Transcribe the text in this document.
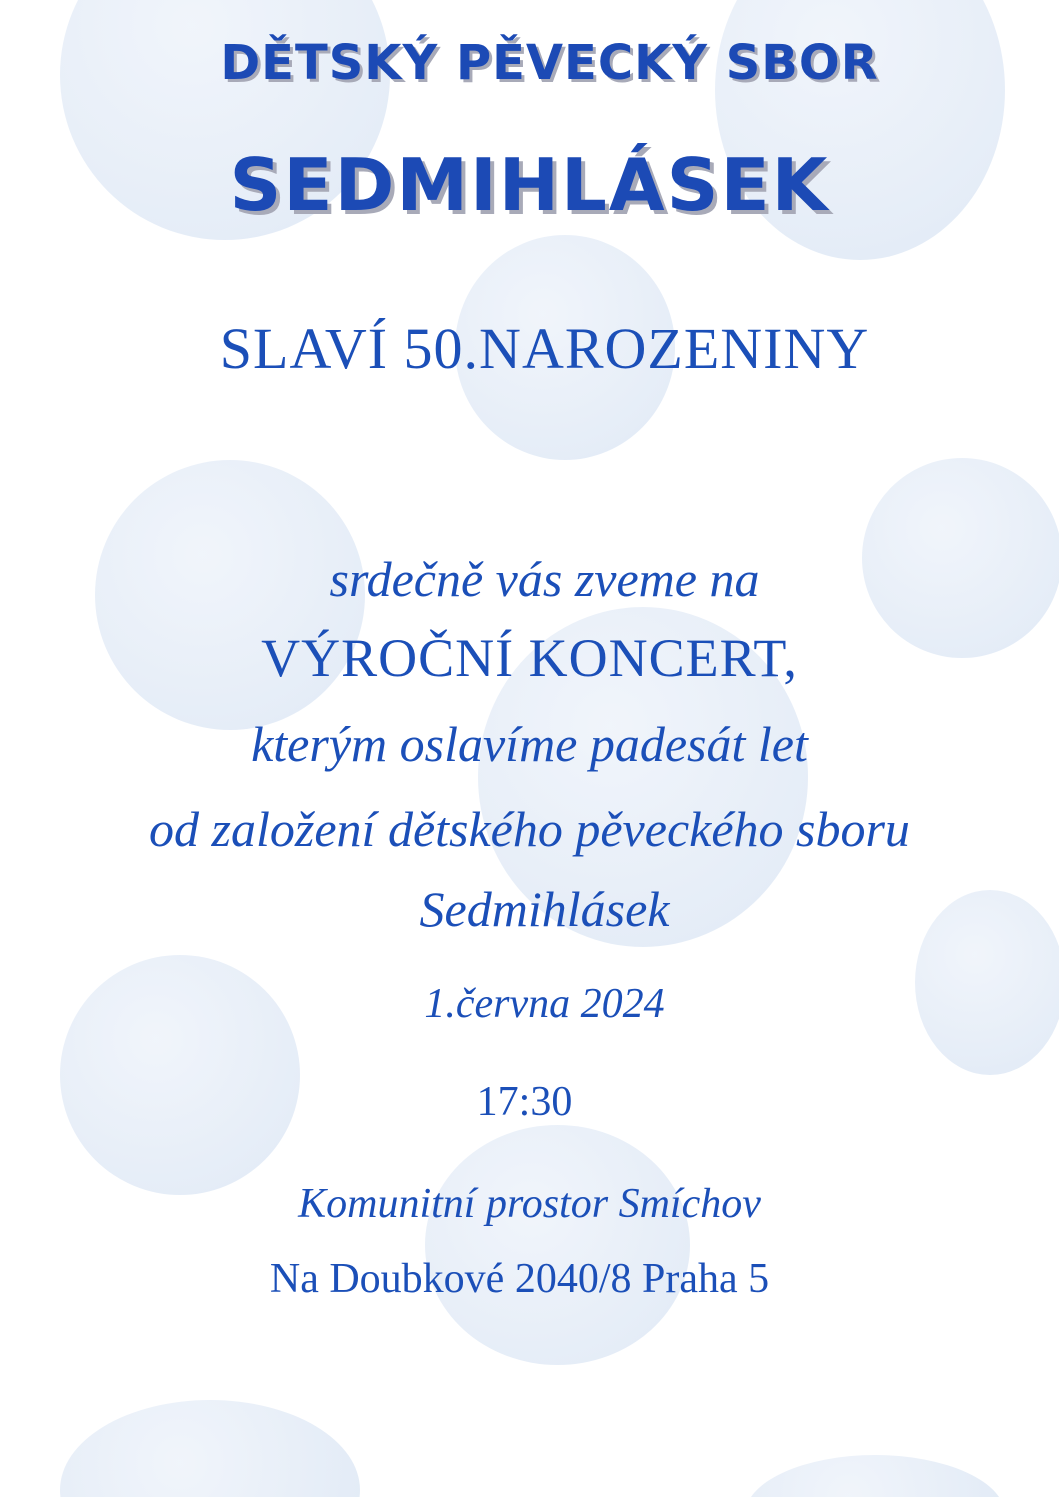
DĚTSKÝ PĚVECKÝ SBOR
SEDMIHLÁSEK
SLAVÍ 50.NAROZENINY
srdečně vás zveme na
VÝROČNÍ KONCERT,
kterým oslavíme padesát let
od založení dětského pěveckého sboru
Sedmihlásek
1.června 2024
17:30
Komunitní prostor Smíchov
Na Doubkové 2040/8 Praha 5
